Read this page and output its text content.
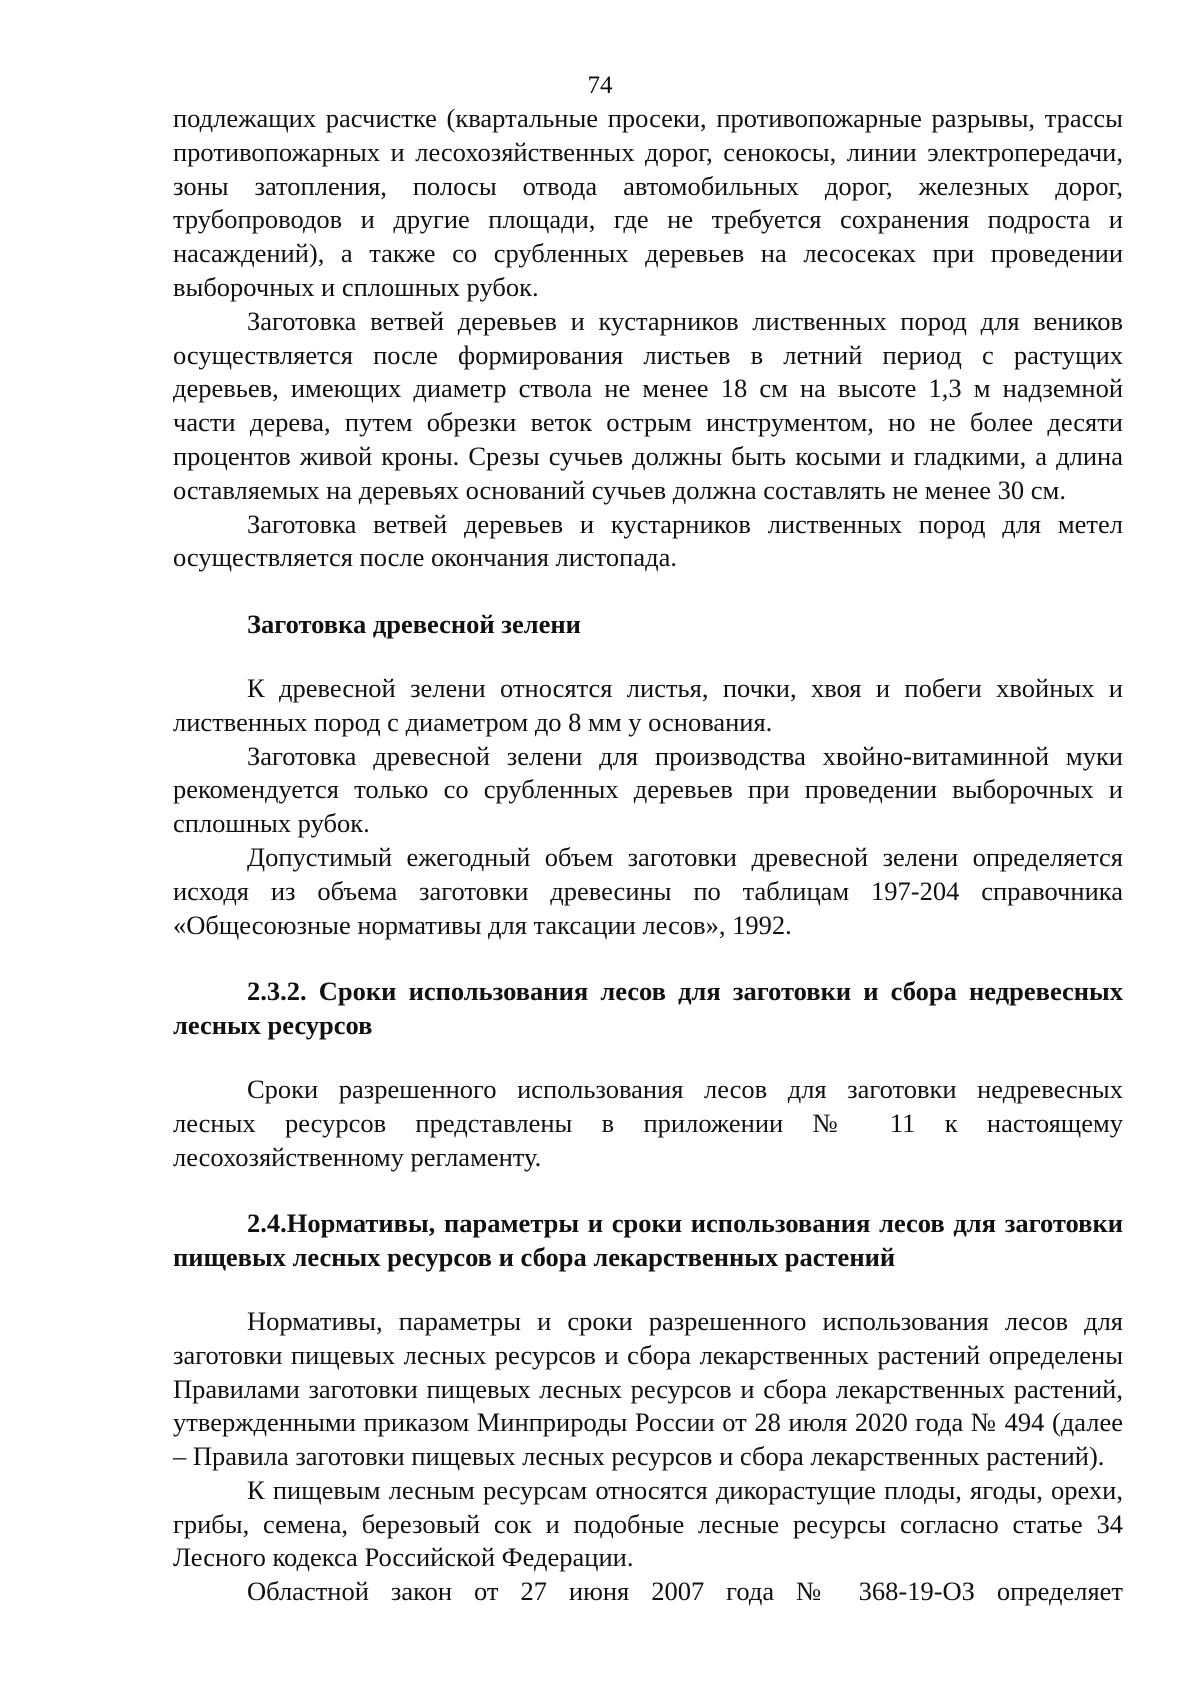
74

подлежащих расчистке (квартальные просеки, противопожарные разрывы, трассы противопожарных и лесохозяйственных дорог, сенокосы, линии электропередачи, зоны затопления, полосы отвода автомобильных дорог, железных дорог, трубопроводов и другие площади, где не требуется сохранения подроста и насаждений), а также со срубленных деревьев на лесосеках при проведении выборочных и сплошных рубок.

Заготовка ветвей деревьев и кустарников лиственных пород для веников осуществляется после формирования листьев в летний период с растущих деревьев, имеющих диаметр ствола не менее 18 см на высоте 1,3 м надземной части дерева, путем обрезки веток острым инструментом, но не более десяти процентов живой кроны. Срезы сучьев должны быть косыми и гладкими, а длина оставляемых на деревьях оснований сучьев должна составлять не менее 30 см.

Заготовка ветвей деревьев и кустарников лиственных пород для метел осуществляется после окончания листопада.

Заготовка древесной зелени

К древесной зелени относятся листья, почки, хвоя и побеги хвойных и лиственных пород с диаметром до 8 мм у основания.

Заготовка древесной зелени для производства хвойно-витаминной муки рекомендуется только со срубленных деревьев при проведении выборочных и сплошных рубок.

Допустимый ежегодный объем заготовки древесной зелени определяется исходя из объема заготовки древесины по таблицам 197-204 справочника «Общесоюзные нормативы для таксации лесов», 1992.

2.3.2. Сроки использования лесов для заготовки и сбора недревесных лесных ресурсов

Сроки разрешенного использования лесов для заготовки недревесных лесных ресурсов представлены в приложении № 11 к настоящему лесохозяйственному регламенту.

2.4.Нормативы, параметры и сроки использования лесов для заготовки пищевых лесных ресурсов и сбора лекарственных растений

Нормативы, параметры и сроки разрешенного использования лесов для заготовки пищевых лесных ресурсов и сбора лекарственных растений определены Правилами заготовки пищевых лесных ресурсов и сбора лекарственных растений, утвержденными приказом Минприроды России от 28 июля 2020 года № 494 (далее – Правила заготовки пищевых лесных ресурсов и сбора лекарственных растений).

К пищевым лесным ресурсам относятся дикорастущие плоды, ягоды, орехи, грибы, семена, березовый сок и подобные лесные ресурсы согласно статье 34 Лесного кодекса Российской Федерации.

Областной закон от 27 июня 2007 года № 368-19-ОЗ определяет
